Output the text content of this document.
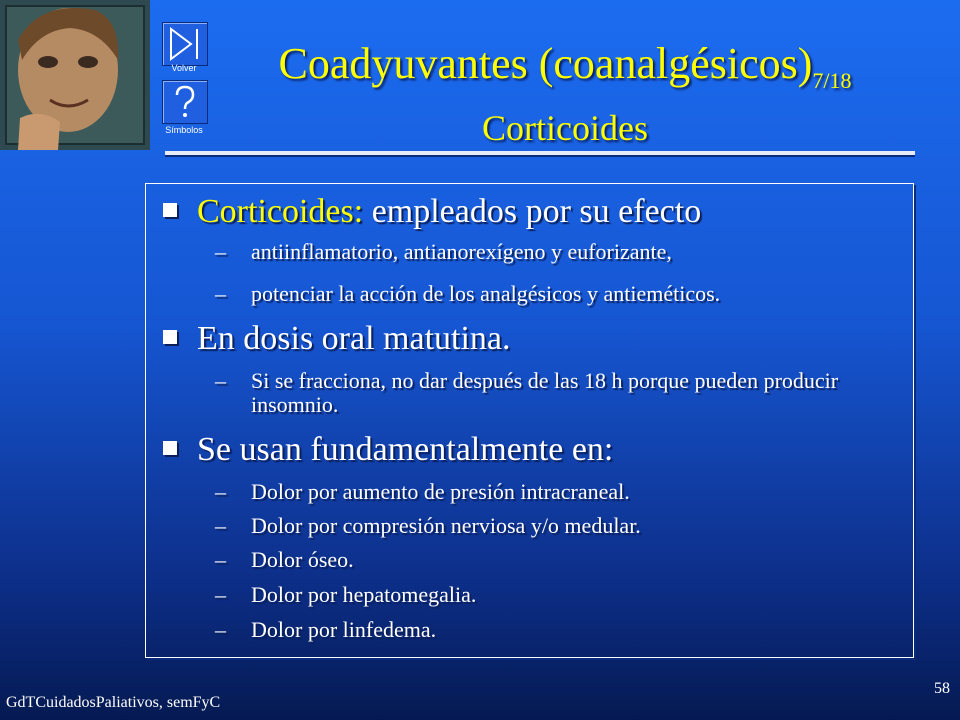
Volver
Símbolos
Coadyuvantes $(coanalgésicos)_{7/18}$
Corticoides
Corticoides: empleados por su efecto
–	antiinflamatorio, antianorexígeno y euforizante,
–	potenciar la acción de los analgésicos y antieméticos.
En dosis oral matutina.
–	Si se fracciona, no dar después de las 18 h porque pueden producir insomnio.
Se usan fundamentalmente en:
–	Dolor por aumento de presión intracraneal.
–	Dolor por compresión nerviosa y/o medular.
–	Dolor óseo.
–	Dolor por hepatomegalia.
–	Dolor por linfedema.
GdTCuidadosPaliativos, semFyC
58
